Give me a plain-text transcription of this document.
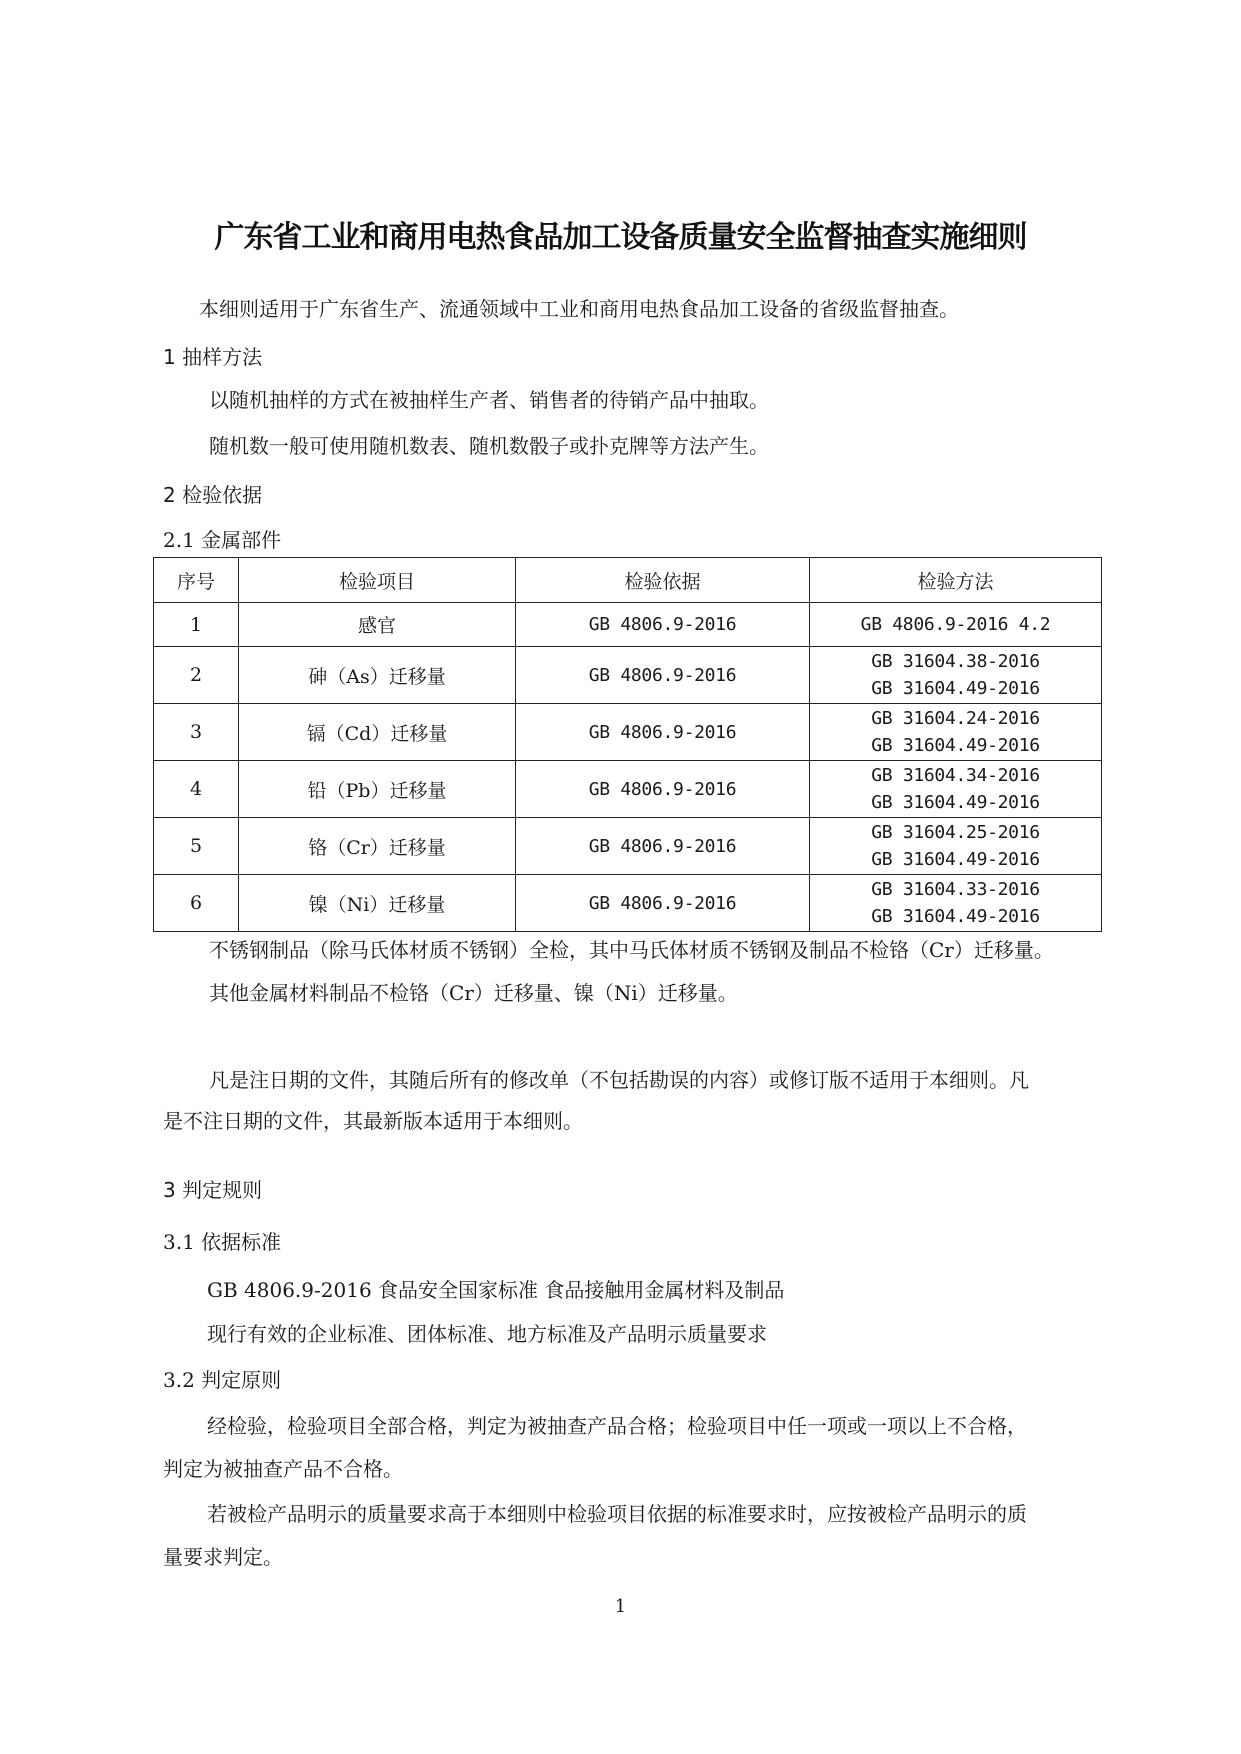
广东省工业和商用电热食品加工设备质量安全监督抽查实施细则
本细则适用于广东省生产、流通领域中工业和商用电热食品加工设备的省级监督抽查。
1 抽样方法
以随机抽样的方式在被抽样生产者、销售者的待销产品中抽取。
随机数一般可使用随机数表、随机数骰子或扑克牌等方法产生。
2 检验依据
2.1 金属部件
序号	检验项目	检验依据	检验方法
1	感官	GB 4806.9-2016	GB 4806.9-2016 4.2
2	砷（As）迁移量	GB 4806.9-2016	GB 31604.38-2016
GB 31604.49-2016

3	镉（Cd）迁移量	GB 4806.9-2016	GB 31604.24-2016
GB 31604.49-2016

4	铅（Pb）迁移量	GB 4806.9-2016	GB 31604.34-2016
GB 31604.49-2016

5	铬（Cr）迁移量	GB 4806.9-2016	GB 31604.25-2016
GB 31604.49-2016

6	镍（Ni）迁移量	GB 4806.9-2016	GB 31604.33-2016
GB 31604.49-2016
不锈钢制品（除马氏体材质不锈钢）全检，其中马氏体材质不锈钢及制品不检铬（Cr）迁移量。
其他金属材料制品不检铬（Cr）迁移量、镍（Ni）迁移量。
凡是注日期的文件，其随后所有的修改单（不包括勘误的内容）或修订版不适用于本细则。凡
是不注日期的文件，其最新版本适用于本细则。
3 判定规则
3.1 依据标准
GB 4806.9-2016 食品安全国家标准 食品接触用金属材料及制品
现行有效的企业标准、团体标准、地方标准及产品明示质量要求
3.2 判定原则
经检验，检验项目全部合格，判定为被抽查产品合格；检验项目中任一项或一项以上不合格，
判定为被抽查产品不合格。
若被检产品明示的质量要求高于本细则中检验项目依据的标准要求时，应按被检产品明示的质
量要求判定。
1
